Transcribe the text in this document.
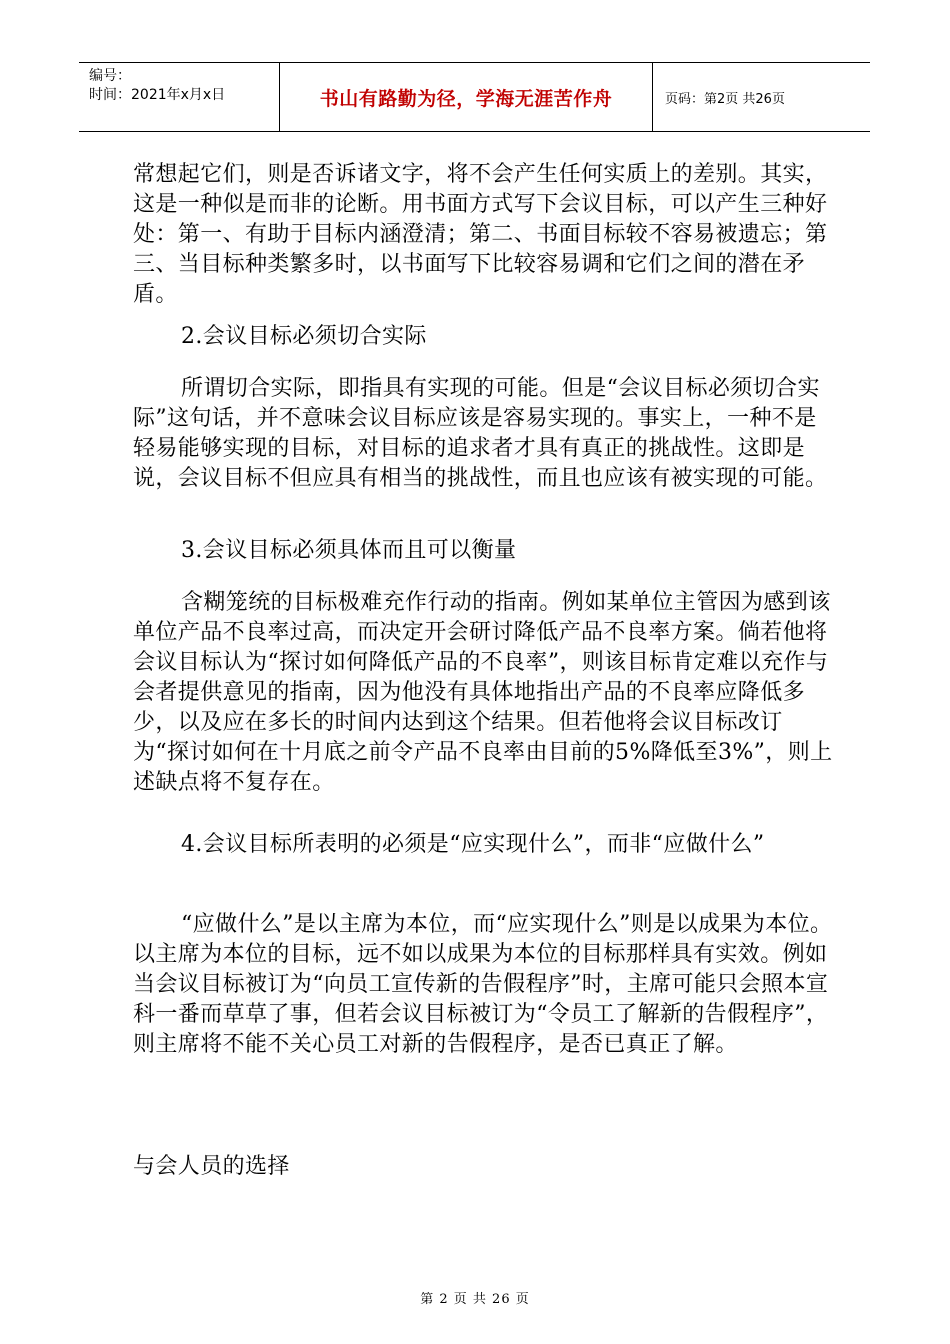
编号：
时间：2021年x月x日	书山有路勤为径，学海无涯苦作舟	页码：第2页 共26页

常想起它们，则是否诉诸文字，将不会产生任何实质上的差别。其实，这是一种似是而非的论断。用书面方式写下会议目标，可以产生三种好处：第一、有助于目标内涵澄清；第二、书面目标较不容易被遗忘；第三、当目标种类繁多时，以书面写下比较容易调和它们之间的潜在矛盾。

2.会议目标必须切合实际

所谓切合实际，即指具有实现的可能。但是“会议目标必须切合实际”这句话，并不意味会议目标应该是容易实现的。事实上，一种不是轻易能够实现的目标，对目标的追求者才具有真正的挑战性。这即是说，会议目标不但应具有相当的挑战性，而且也应该有被实现的可能。

3.会议目标必须具体而且可以衡量

含糊笼统的目标极难充作行动的指南。例如某单位主管因为感到该单位产品不良率过高，而决定开会研讨降低产品不良率方案。倘若他将会议目标认为“探讨如何降低产品的不良率”，则该目标肯定难以充作与会者提供意见的指南，因为他没有具体地指出产品的不良率应降低多少，以及应在多长的时间内达到这个结果。但若他将会议目标改订为“探讨如何在十月底之前令产品不良率由目前的5%降低至3%”，则上述缺点将不复存在。

4.会议目标所表明的必须是“应实现什么”，而非“应做什么”

“应做什么”是以主席为本位，而“应实现什么”则是以成果为本位。以主席为本位的目标，远不如以成果为本位的目标那样具有实效。例如当会议目标被订为“向员工宣传新的告假程序”时，主席可能只会照本宣科一番而草草了事，但若会议目标被订为“令员工了解新的告假程序”，则主席将不能不关心员工对新的告假程序，是否已真正了解。

与会人员的选择

第 2 页 共 26 页
